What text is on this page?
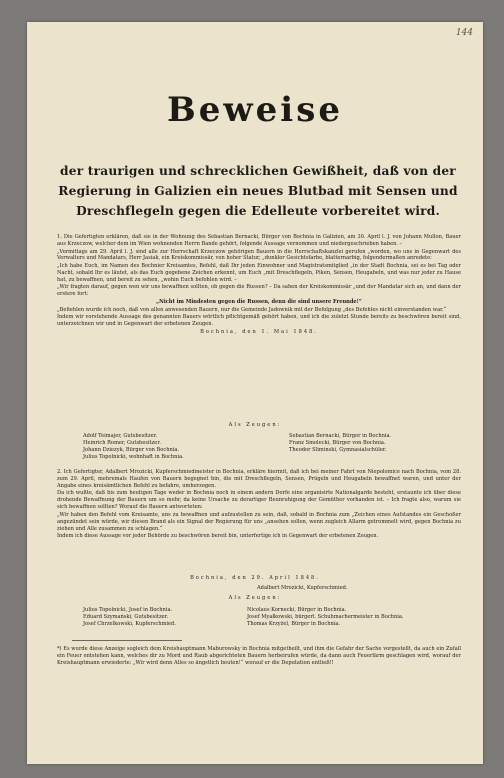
144
Beweise
der traurigen und schrecklichen Gewißheit, daß von der
Regierung in Galizien ein neues Blutbad mit Sensen und
Dreschflegeln gegen die Edelleute vorbereitet wird.

1. Die Gefertigten erklären, daß sie in der Wohnung des Sebastian Bernacki, Bürger von Bochnia in Galizien, am 30. April l. J. von Johann Mullon, Bauer aus Krzeczow, welcher dem im Wien wohnenden Herrn Bande gehört, folgende Aussage vernommen und niedergeschrieben haben. –

„Vormittags am 29. April l. J. sind alle zur Herrschaft Krzeczow gehörigen Bauern in die Herrschaftskanzlei gerufen „worden, wo uns in Gegenwart des Verwalters und Mandatars, Herr Jasiak, ein Kreiskommissär, von hoher Statur, „dunkler Gesichtsfarbe, blatternarbig, folgendermaßen anredete:

„Ich habe Euch, im Namen des Bochnier Kreisamtes, Befehl, daß Ihr jeden Einwohner und Magistratsmitglied „in der Stadt Bochnia, sei es bei Tag oder Nacht, sobald Ihr es läutet, als das Euch gegebene Zeichen erkennt, um Euch „mit Dreschflegeln, Piken, Sensen, Heugabeln, und was nur jeder zu Hause hat, zu bewaffnen, und bereit zu sehen, „wohin Euch befohlen wird. –

„Wir fragten darauf, gegen wen wir uns bewaffnen sollten, ob gegen die Russen? – Da sahen der Kreiskommissär „und der Mandatar sich an, und dann der erstere fort:

„Nicht im Mindesten gegen die Russen, denn die sind unsere Freunde!“

„Befiehlen wurde ich noch, daß von allen anwesenden Bauern, nur die Gemeinde Jadownik mit der Befolgung „des Befehles nicht einverstanden war.“

Indem wir vorstehende Aussage des genannten Bauers wörtlich pflichtgemäß gehört haben, und ich die zuletzt Stunde bereits zu beschwören bereit sind, unterzeichnen wir und in Gegenwart der erbetenen Zeugen.

Bochnia, den 1. Mai 1848.

Als Zeugen:
Adolf Teimajer, Gutsbesitzer.
Heinrich Romer, Gutsbesitzer.
Johann Dziezyk, Bürger von Bochnia.
Julius Topolnicki, wohnhaft in Bochnia.
Sebastian Bernacki, Bürger in Bochnia.
Franz Smolecki, Bürger von Bochnia.
Theodor Sliminski, Gymnasialschüler.

2. Ich Gefertigter, Adalbert Mrozicki, Kupferschmiedmeister in Bochnia, erkläre hiermit, daß ich bei meiner Fahrt von Niepolomice nach Bochnia, vom 28. zum 29. April, mehremals Haufen von Bauern begegnet bin, die mit Dreschflegeln, Sensen, Prügeln und Heugabeln bewaffnet waren, und unter der Angabe eines kreisämtlichen Befehl zu befahre, umherzogen.

Da ich wußte, daß bis zum heutigen Tage weder in Bochnia noch in einem andern Dorfe eine organisirte Nationalgarde besteht, erstaunte ich über diese drohende Bewaffnung der Bauern um so mehr, da keine Ursache zu derartiger Beunruhigung der Gemüther vorhanden ist. – Ich fragte also, warum sie sich bewaffnen sollten? Worauf die Bauern antworteten:

„Wir haben den Befehl vom Kreisamte, uns zu bewaffnen und aufzustellen zu sein, daß, sobald in Bochnia zum „Zeichen eines Aufstandes ein Geschoßer angezündet sein würde, wir diesen Brand als ein Signal der Regierung für uns „ansehen sollen, wenn zugleich Allarm getrommelt wird, gegen Bochnia zu ziehen und Alle zusammen zu schlagen.“

Indem ich diese Aussage vor jeder Behörde zu beschwören bereit bin, unterfertige ich in Gegenwart der erbetenen Zeugen.

Bochnia, den 29. April 1848.
Adalbert Mrozicki, Kupferschmied.
Als Zeugen:
Julius Topolnicki, Josef in Bochnia.
Eduard Szymański, Gutsbesitzer.
Josef Chrzelkowski, Kupferschmied.
Nicolaus Kornecki, Bürger in Bochnia.
Josef Myałkowski, bürgerl. Schuhmachermeister in Bochnia.
Thomas Krzyżel, Bürger in Bochnia.

*) Es wurde diese Anzeige sogleich dem Kreishauptmann Maburowsky in Bochnia mitgetheilt, und ihm die Gefahr der Sache vorgestellt, da auch ein Zufall ein Feuer entstehen kann, welches dir zu Mord und Raub abgerichteten Bauern herbeirufen würde, da dann auch Feuerlärm geschlagen wird, worauf der Kreishauptmann erwiederte: „Wir wird denn Alles so ängstlich beuten!“ worauf er die Deputation entließ!!
